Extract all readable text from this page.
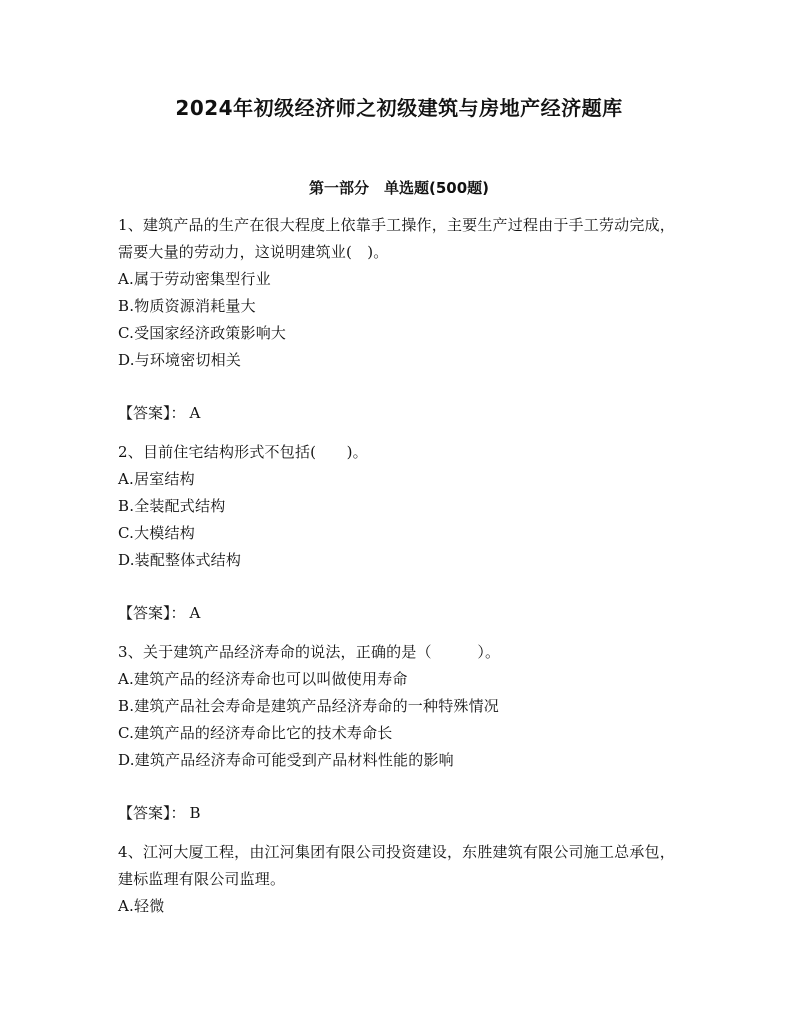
2024年初级经济师之初级建筑与房地产经济题库
第一部分　单选题(500题)

1、建筑产品的生产在很大程度上依靠手工操作，主要生产过程由于手工劳动完成，需要大量的劳动力，这说明建筑业(　)。

A.属于劳动密集型行业

B.物质资源消耗量大

C.受国家经济政策影响大

D.与环境密切相关

【答案】： A

2、目前住宅结构形式不包括(　　)。

A.居室结构

B.全装配式结构

C.大模结构

D.装配整体式结构

【答案】： A

3、关于建筑产品经济寿命的说法，正确的是（　　　）。

A.建筑产品的经济寿命也可以叫做使用寿命

B.建筑产品社会寿命是建筑产品经济寿命的一种特殊情况

C.建筑产品的经济寿命比它的技术寿命长

D.建筑产品经济寿命可能受到产品材料性能的影响

【答案】： B

4、江河大厦工程，由江河集团有限公司投资建设，东胜建筑有限公司施工总承包，建标监理有限公司监理。

A.轻微
